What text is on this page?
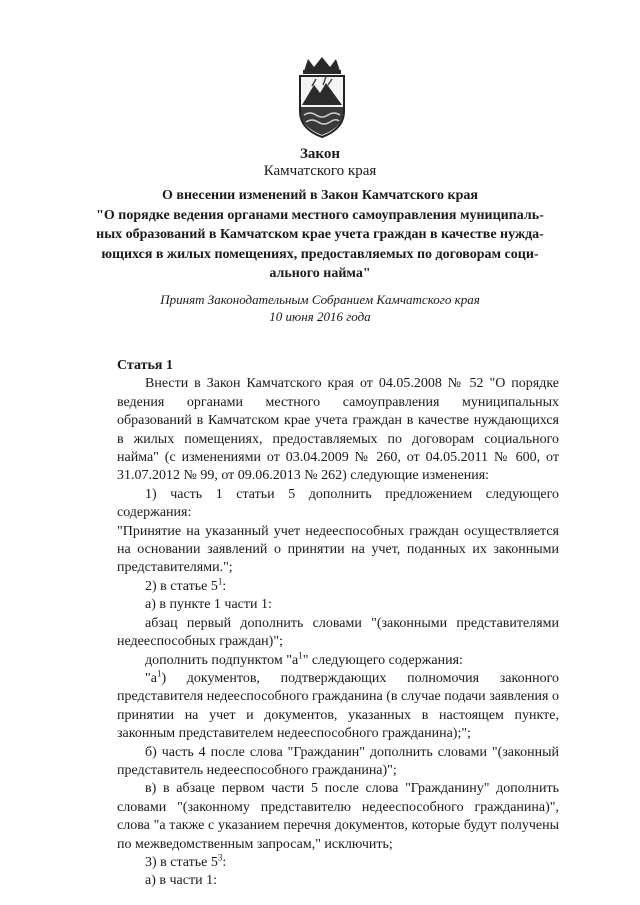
Закон
Камчатского края
О внесении изменений в Закон Камчатского края
"О порядке ведения органами местного самоуправления муниципаль-
ных образований в Камчатском крае учета граждан в качестве нужда-
ющихся в жилых помещениях, предоставляемых по договорам соци-
ального найма"
Принят Законодательным Собранием Камчатского края
10 июня 2016 года

Статья 1

Внести в Закон Камчатского края от 04.05.2008 № 52 "О порядке ведения органами местного самоуправления муниципальных образований в Камчатском крае учета граждан в качестве нуждающихся в жилых помещениях, предоставляемых по договорам социального найма" (с изменениями от 03.04.2009 № 260, от 04.05.2011 № 600, от 31.07.2012 № 99, от 09.06.2013 № 262) следующие изменения:

1) часть 1 статьи 5 дополнить предложением следующего содержания:

"Принятие на указанный учет недееспособных граждан осуществляется на основании заявлений о принятии на учет, поданных их законными представителями.";

2) в статье $5^1$:

а) в пункте 1 части 1:

абзац первый дополнить словами "(законными представителями недееспособных граждан)";

дополнить подпунктом "$а^1$" следующего содержания:

"$а^1$) документов, подтверждающих полномочия законного представителя недееспособного гражданина (в случае подачи заявления о принятии на учет и документов, указанных в настоящем пункте, законным представителем недееспособного гражданина);";

б) часть 4 после слова "Гражданин" дополнить словами "(законный представитель недееспособного гражданина)";

в) в абзаце первом части 5 после слова "Гражданину" дополнить словами "(законному представителю недееспособного гражданина)", слова "а также с указанием перечня документов, которые будут получены по межведомственным запросам," исключить;

3) в статье $5^3$:

а) в части 1:
